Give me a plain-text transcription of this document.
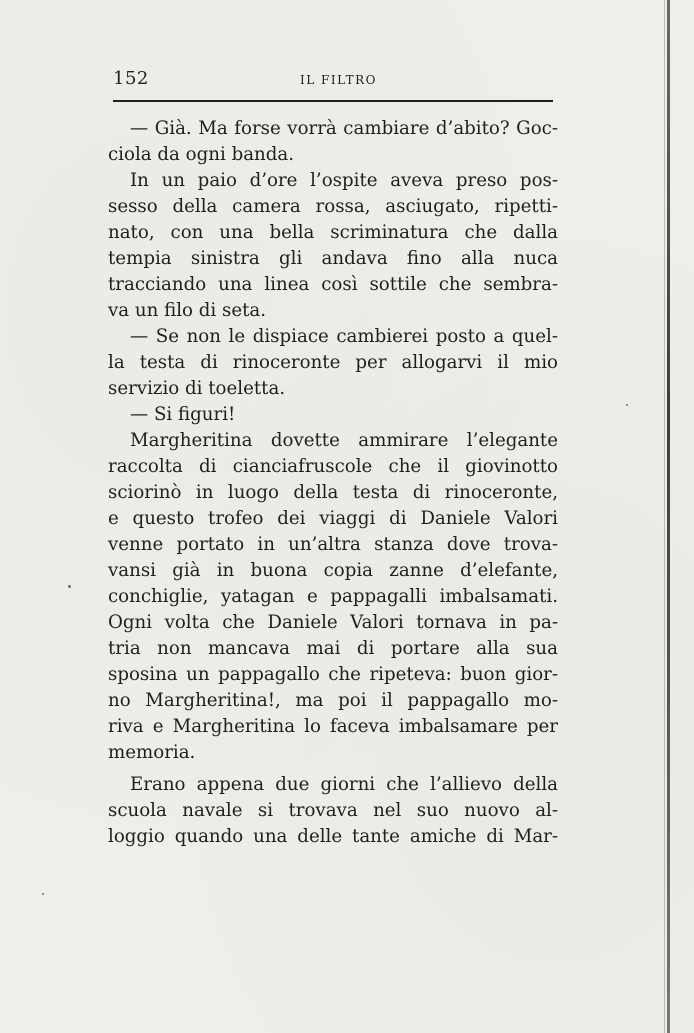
152	IL FILTRO
— Già. Ma forse vorrà cambiare d’abito? Goc-
ciola da ogni banda.
In un paio d’ore l’ospite aveva preso pos-
sesso della camera rossa, asciugato, ripetti-
nato, con una bella scriminatura che dalla
tempia sinistra gli andava fino alla nuca
tracciando una linea così sottile che sembra-
va un filo di seta.
— Se non le dispiace cambierei posto a quel-
la testa di rinoceronte per allogarvi il mio
servizio di toeletta.
— Si figuri!
Margheritina dovette ammirare l’elegante
raccolta di cianciafruscole che il giovinotto
sciorinò in luogo della testa di rinoceronte,
e questo trofeo dei viaggi di Daniele Valori
venne portato in un’altra stanza dove trova-
vansi già in buona copia zanne d’elefante,
conchiglie, yatagan e pappagalli imbalsamati.
Ogni volta che Daniele Valori tornava in pa-
tria non mancava mai di portare alla sua
sposina un pappagallo che ripeteva: buon gior-
no Margheritina!, ma poi il pappagallo mo-
riva e Margheritina lo faceva imbalsamare per
memoria.
Erano appena due giorni che l’allievo della
scuola navale si trovava nel suo nuovo al-
loggio quando una delle tante amiche di Mar-
